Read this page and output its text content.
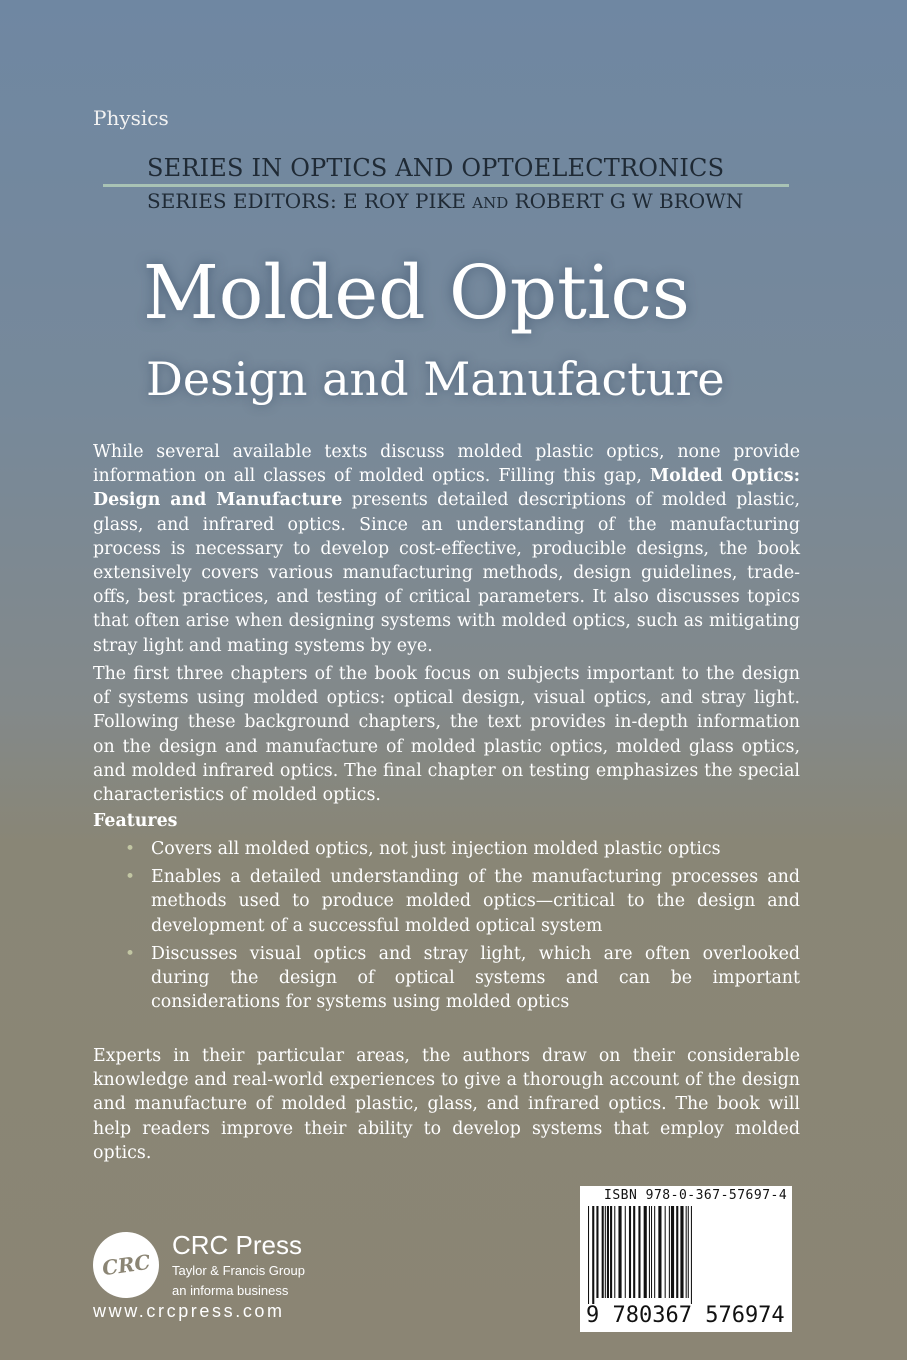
Physics
SERIES IN OPTICS AND OPTOELECTRONICS
SERIES EDITORS: E ROY PIKE AND ROBERT G W BROWN
Molded Optics
Design and Manufacture
While several available texts discuss molded plastic optics, none provide information on all classes of molded optics. Filling this gap, Molded Optics: Design and Manufacture presents detailed descriptions of molded plastic, glass, and infrared optics. Since an understanding of the manufacturing process is necessary to develop cost-effective, producible designs, the book extensively covers various manufacturing methods, design guidelines, trade-offs, best practices, and testing of critical parameters. It also discusses topics that often arise when designing systems with molded optics, such as mitigating stray light and mating systems by eye.
The first three chapters of the book focus on subjects important to the design of systems using molded optics: optical design, visual optics, and stray light. Following these background chapters, the text provides in-depth information on the design and manufacture of molded plastic optics, molded glass optics, and molded infrared optics. The final chapter on testing emphasizes the special characteristics of molded optics.
Features
• Covers all molded optics, not just injection molded plastic optics
• Enables a detailed understanding of the manufacturing processes and methods used to produce molded optics—critical to the design and development of a successful molded optical system
• Discusses visual optics and stray light, which are often overlooked during the design of optical systems and can be important considerations for systems using molded optics
Experts in their particular areas, the authors draw on their considerable knowledge and real-world experiences to give a thorough account of the design and manufacture of molded plastic, glass, and infrared optics. The book will help readers improve their ability to develop systems that employ molded optics.
CRC
CRC Press
Taylor & Francis Group
an informa business
www.crcpress.com
ISBN 978-0-367-57697-4
9 780367 576974
